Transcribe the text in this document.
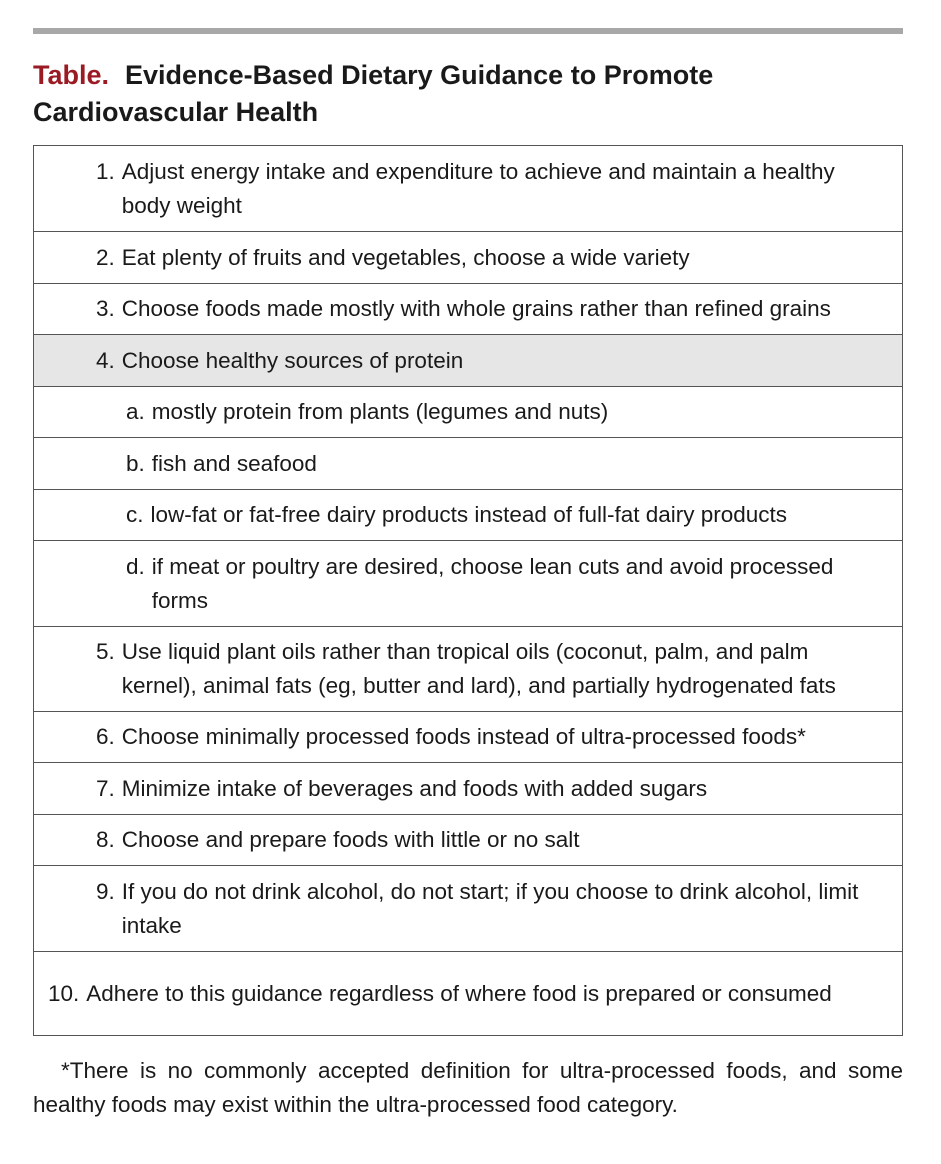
Table. Evidence-Based Dietary Guidance to Promote Cardiovascular Health
1. Adjust energy intake and expenditure to achieve and maintain a healthy body weight

2. Eat plenty of fruits and vegetables, choose a wide variety

3. Choose foods made mostly with whole grains rather than refined grains

4. Choose healthy sources of protein

a. mostly protein from plants (legumes and nuts)

b. fish and seafood

c. low-fat or fat-free dairy products instead of full-fat dairy products

d. if meat or poultry are desired, choose lean cuts and avoid processed forms

5. Use liquid plant oils rather than tropical oils (coconut, palm, and palm kernel), animal fats (eg, butter and lard), and partially hydrogenated fats

6. Choose minimally processed foods instead of ultra-processed foods*

7. Minimize intake of beverages and foods with added sugars

8. Choose and prepare foods with little or no salt

9. If you do not drink alcohol, do not start; if you choose to drink alcohol, limit intake

10. Adhere to this guidance regardless of where food is prepared or consumed
*There is no commonly accepted definition for ultra-processed foods, and some healthy foods may exist within the ultra-processed food category.
